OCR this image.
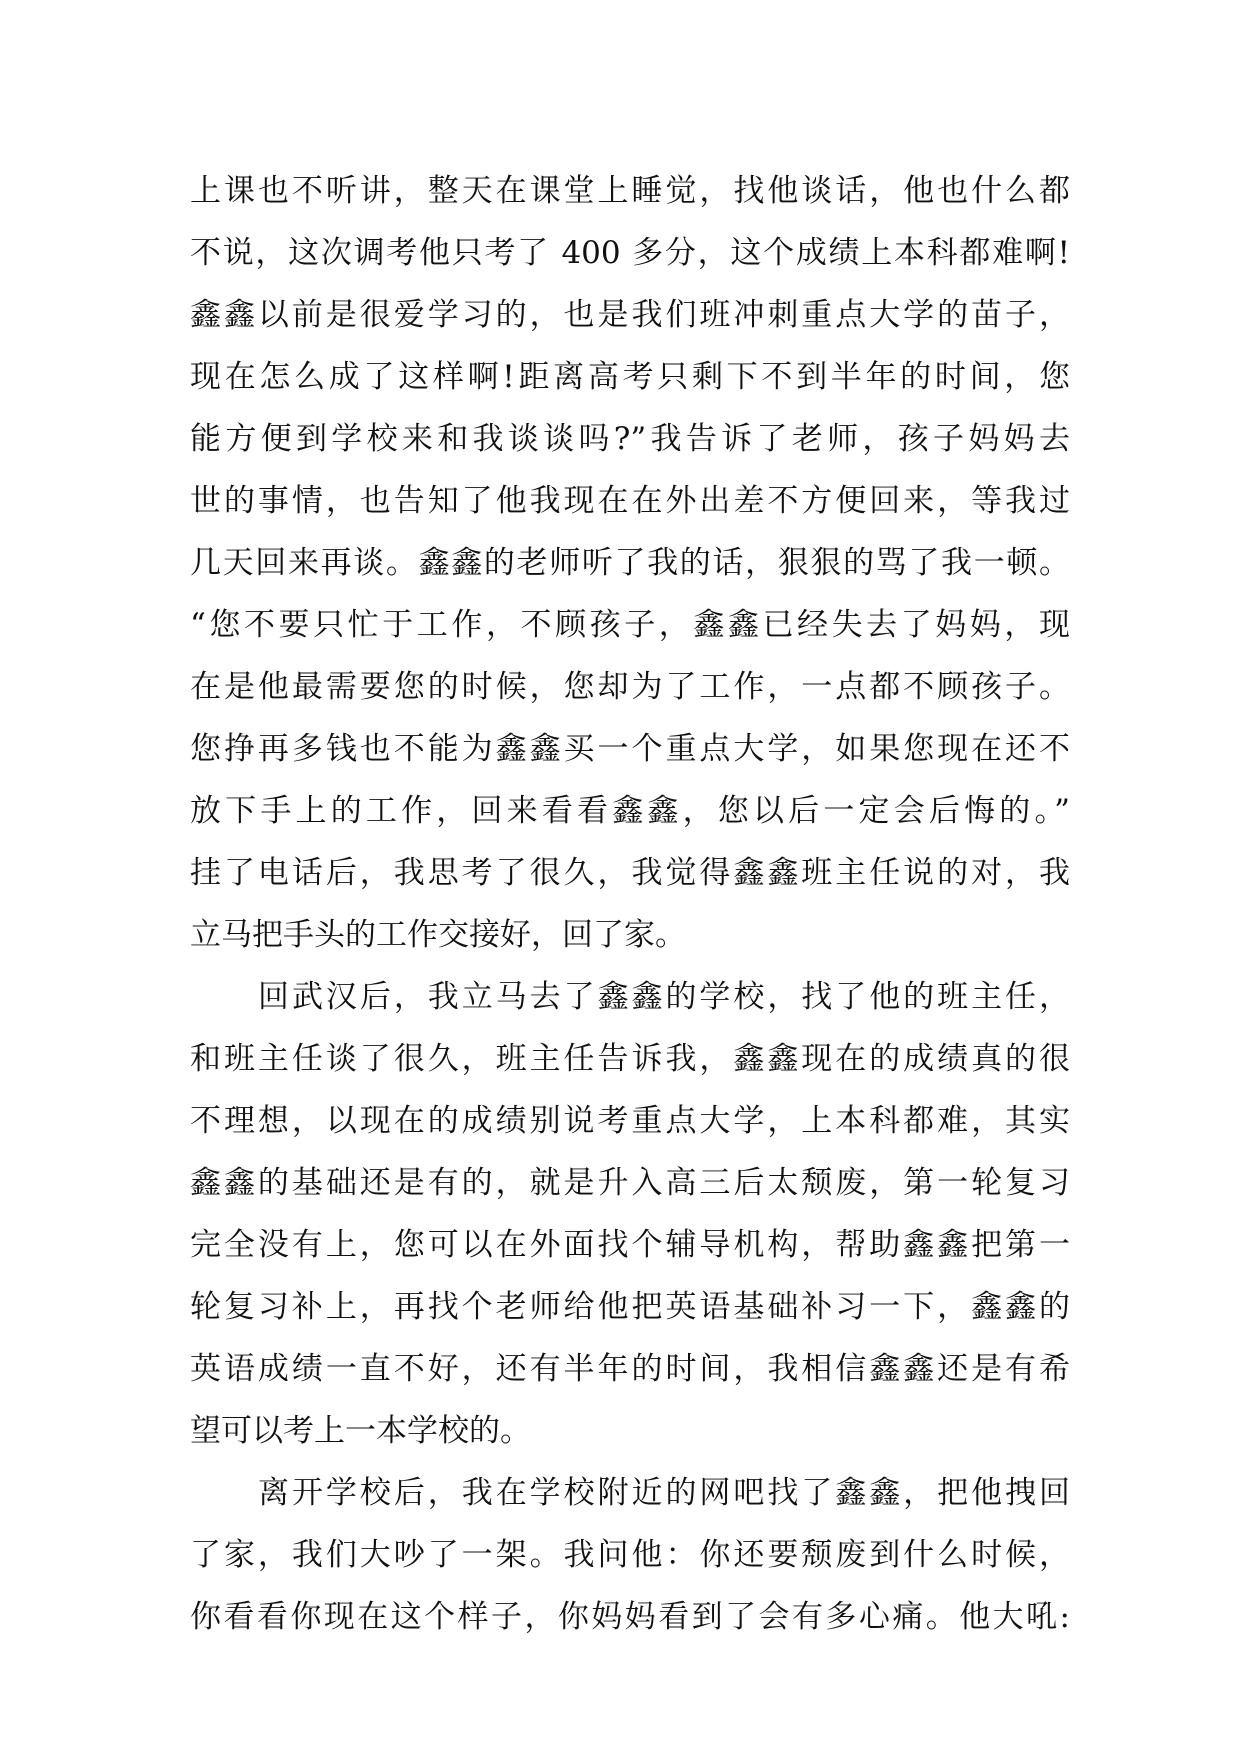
上课也不听讲，整天在课堂上睡觉，找他谈话，他也什么都
不说，这次调考他只考了 400 多分，这个成绩上本科都难啊!
鑫鑫以前是很爱学习的，也是我们班冲刺重点大学的苗子，
现在怎么成了这样啊!距离高考只剩下不到半年的时间，您
能方便到学校来和我谈谈吗?”我告诉了老师，孩子妈妈去
世的事情，也告知了他我现在在外出差不方便回来，等我过
几天回来再谈。鑫鑫的老师听了我的话，狠狠的骂了我一顿。
“您不要只忙于工作，不顾孩子，鑫鑫已经失去了妈妈，现
在是他最需要您的时候，您却为了工作，一点都不顾孩子。
您挣再多钱也不能为鑫鑫买一个重点大学，如果您现在还不
放下手上的工作，回来看看鑫鑫，您以后一定会后悔的。”
挂了电话后，我思考了很久，我觉得鑫鑫班主任说的对，我
立马把手头的工作交接好，回了家。
回武汉后，我立马去了鑫鑫的学校，找了他的班主任，
和班主任谈了很久，班主任告诉我，鑫鑫现在的成绩真的很
不理想，以现在的成绩别说考重点大学，上本科都难，其实
鑫鑫的基础还是有的，就是升入高三后太颓废，第一轮复习
完全没有上，您可以在外面找个辅导机构，帮助鑫鑫把第一
轮复习补上，再找个老师给他把英语基础补习一下，鑫鑫的
英语成绩一直不好，还有半年的时间，我相信鑫鑫还是有希
望可以考上一本学校的。
离开学校后，我在学校附近的网吧找了鑫鑫，把他拽回
了家，我们大吵了一架。我问他：你还要颓废到什么时候，
你看看你现在这个样子，你妈妈看到了会有多心痛。他大吼:
